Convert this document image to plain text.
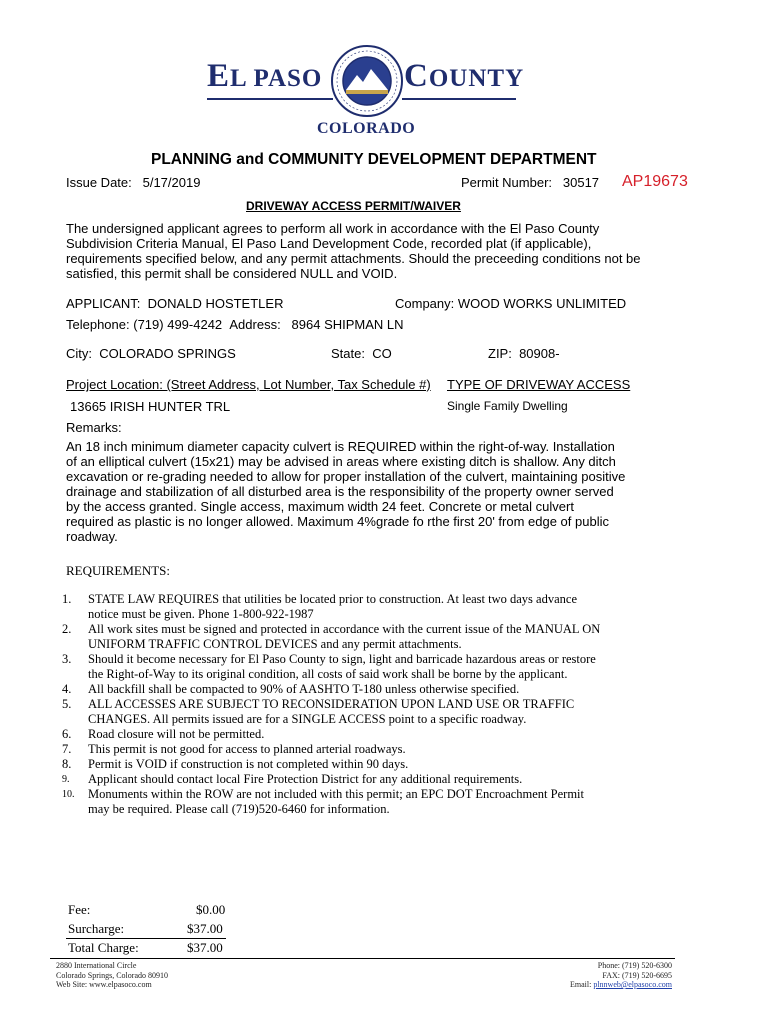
EL PASO COUNTY
COLORADO
PLANNING and COMMUNITY DEVELOPMENT DEPARTMENT
Issue Date: 5/17/2019	Permit Number: 30517 AP19673
DRIVEWAY ACCESS PERMIT/WAIVER
The undersigned applicant agrees to perform all work in accordance with the El Paso County
Subdivision Criteria Manual, El Paso Land Development Code, recorded plat (if applicable),
requirements specified below, and any permit attachments. Should the preceeding conditions not be
satisfied, this permit shall be considered NULL and VOID.
APPLICANT: DONALD HOSTETLER	Company: WOOD WORKS UNLIMITED
Telephone: (719) 499-4242 Address: 8964 SHIPMAN LN
City: COLORADO SPRINGS	State: CO	ZIP: 80908-
Project Location: (Street Address, Lot Number, Tax Schedule #) TYPE OF DRIVEWAY ACCESS
13665 IRISH HUNTER TRL	Single Family Dwelling
Remarks:
An 18 inch minimum diameter capacity culvert is REQUIRED within the right-of-way. Installation
of an elliptical culvert (15x21) may be advised in areas where existing ditch is shallow. Any ditch
excavation or re-grading needed to allow for proper installation of the culvert, maintaining positive
drainage and stabilization of all disturbed area is the responsibility of the property owner served
by the access granted. Single access, maximum width 24 feet. Concrete or metal culvert
required as plastic is no longer allowed. Maximum 4%grade fo rthe first 20' from edge of public
roadway.
REQUIREMENTS:
1.	STATE LAW REQUIRES that utilities be located prior to construction. At least two days advance
notice must be given. Phone 1-800-922-1987
2.	All work sites must be signed and protected in accordance with the current issue of the MANUAL ON
UNIFORM TRAFFIC CONTROL DEVICES and any permit attachments.
3.	Should it become necessary for El Paso County to sign, light and barricade hazardous areas or restore
the Right-of-Way to its original condition, all costs of said work shall be borne by the applicant.
4.	All backfill shall be compacted to 90% of AASHTO T-180 unless otherwise specified.
5.	ALL ACCESSES ARE SUBJECT TO RECONSIDERATION UPON LAND USE OR TRAFFIC
CHANGES. All permits issued are for a SINGLE ACCESS point to a specific roadway.
6.	Road closure will not be permitted.
7.	This permit is not good for access to planned arterial roadways.
8.	Permit is VOID if construction is not completed within 90 days.
9.	Applicant should contact local Fire Protection District for any additional requirements.
10.	Monuments within the ROW are not included with this permit; an EPC DOT Encroachment Permit
may be required. Please call (719)520-6460 for information.
Fee:	$0.00
Surcharge:	$37.00
Total Charge:	$37.00
2880 International Circle
Colorado Springs, Colorado 80910
Web Site: www.elpasoco.com
Phone: (719) 520-6300
FAX: (719) 520-6695
Email: plnnweb@elpasoco.com
